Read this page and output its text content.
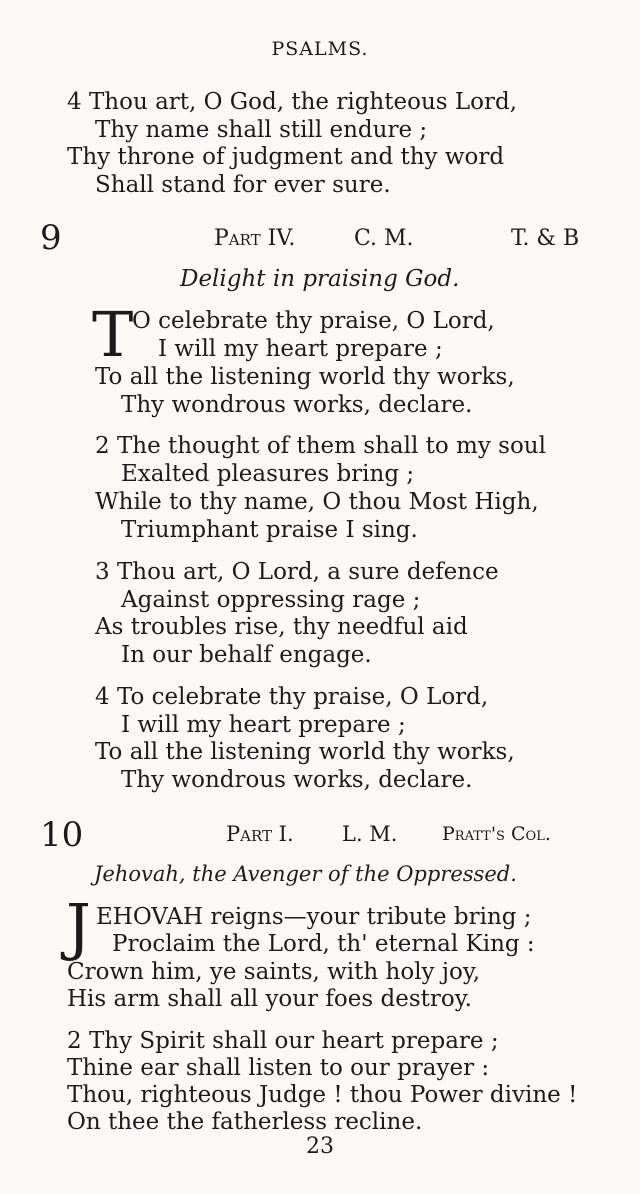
PSALMS.
4 Thou art, O God, the righteous Lord,
Thy name shall still endure ;
Thy throne of judgment and thy word
Shall stand for ever sure.
9	Part IV.	C. M.	T. & B
Delight in praising God.
T
O celebrate thy praise, O Lord,
I will my heart prepare ;
To all the listening world thy works,
Thy wondrous works, declare.
2 The thought of them shall to my soul
Exalted pleasures bring ;
While to thy name, O thou Most High,
Triumphant praise I sing.
3 Thou art, O Lord, a sure defence
Against oppressing rage ;
As troubles rise, thy needful aid
In our behalf engage.
4 To celebrate thy praise, O Lord,
I will my heart prepare ;
To all the listening world thy works,
Thy wondrous works, declare.
10	Part I. L. M. Pratt's Col.
Jehovah, the Avenger of the Oppressed.
J EHOVAH reigns—your tribute bring ;
Proclaim the Lord, th' eternal King :
Crown him, ye saints, with holy joy,
His arm shall all your foes destroy.
2 Thy Spirit shall our heart prepare ;
Thine ear shall listen to our prayer :
Thou, righteous Judge ! thou Power divine !
On thee the fatherless recline.
23
